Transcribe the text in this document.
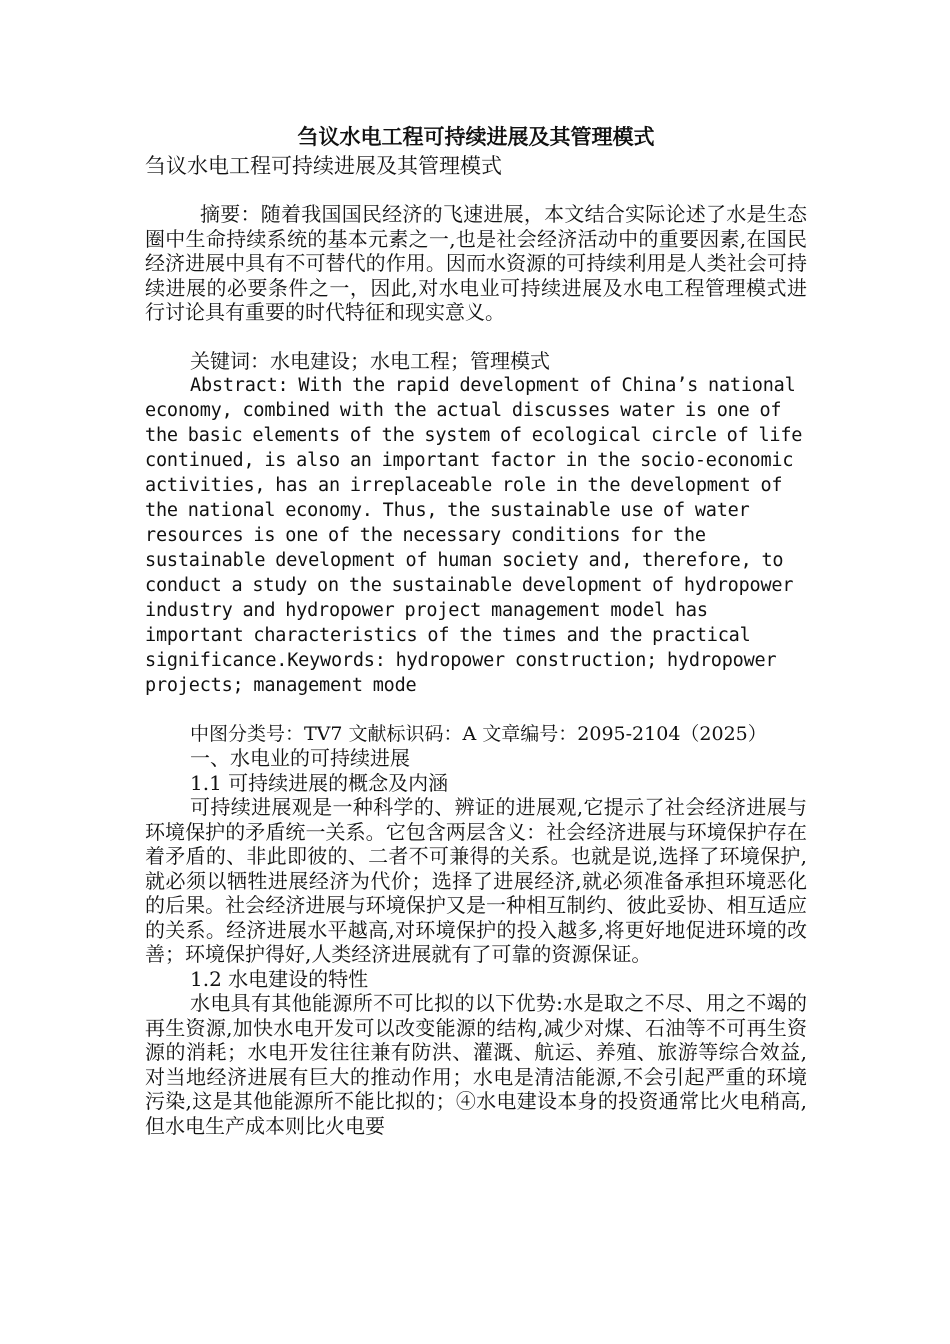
刍议水电工程可持续进展及其管理模式

刍议水电工程可持续进展及其管理模式

摘要：随着我国国民经济的飞速进展，本文结合实际论述了水是生态圈中生命持续系统的基本元素之一,也是社会经济活动中的重要因素,在国民经济进展中具有不可替代的作用。因而水资源的可持续利用是人类社会可持续进展的必要条件之一，因此,对水电业可持续进展及水电工程管理模式进行讨论具有重要的时代特征和现实意义。

关键词：水电建设；水电工程；管理模式

Abstract: With the rapid development of China’s national economy, combined with the actual discusses water is one of the basic elements of the system of ecological circle of life continued, is also an important factor in the socio-economic activities, has an irreplaceable role in the development of the national economy. Thus, the sustainable use of water resources is one of the necessary conditions for the sustainable development of human society and, therefore, to conduct a study on the sustainable development of hydropower industry and hydropower project management model has important characteristics of the times and the practical significance.Keywords: hydropower construction; hydropower projects; management mode

中图分类号：TV7 文献标识码：A 文章编号：2095-2104（2025）

一、水电业的可持续进展

1.1 可持续进展的概念及内涵

可持续进展观是一种科学的、辨证的进展观,它提示了社会经济进展与环境保护的矛盾统一关系。它包含两层含义：社会经济进展与环境保护存在着矛盾的、非此即彼的、二者不可兼得的关系。也就是说,选择了环境保护,就必须以牺牲进展经济为代价；选择了进展经济,就必须准备承担环境恶化的后果。社会经济进展与环境保护又是一种相互制约、彼此妥协、相互适应的关系。经济进展水平越高,对环境保护的投入越多,将更好地促进环境的改善；环境保护得好,人类经济进展就有了可靠的资源保证。

1.2 水电建设的特性

水电具有其他能源所不可比拟的以下优势:水是取之不尽、用之不竭的再生资源,加快水电开发可以改变能源的结构,减少对煤、石油等不可再生资源的消耗；水电开发往往兼有防洪、灌溉、航运、养殖、旅游等综合效益,对当地经济进展有巨大的推动作用；水电是清洁能源,不会引起严重的环境污染,这是其他能源所不能比拟的；④水电建设本身的投资通常比火电稍高,但水电生产成本则比火电要
